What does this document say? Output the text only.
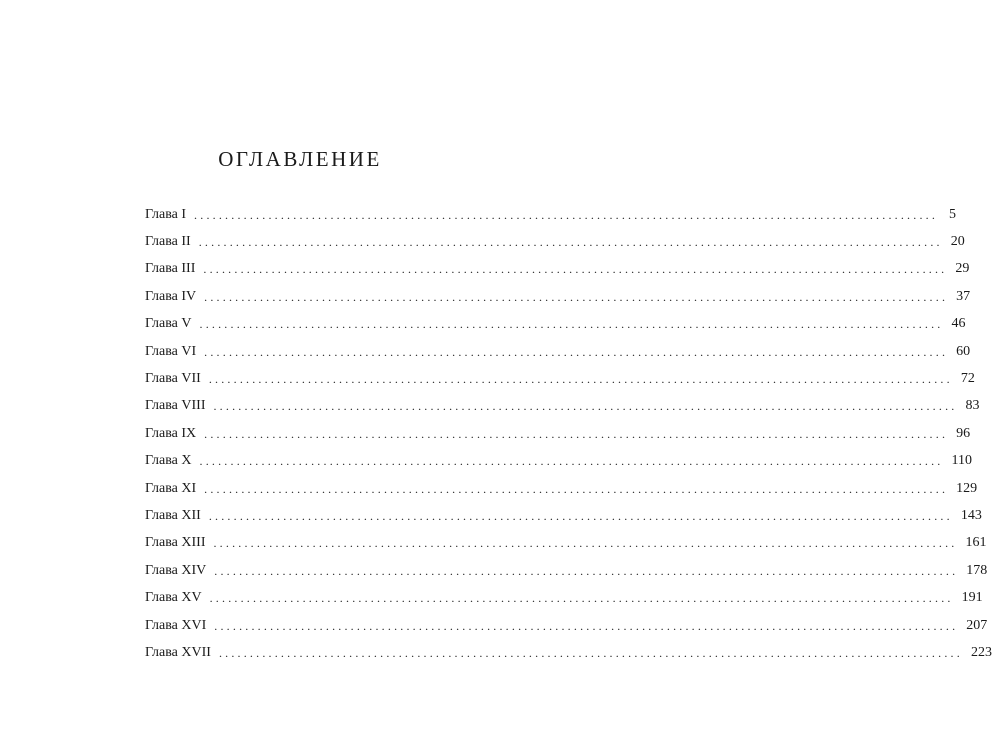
ОГЛАВЛЕНИЕ
Глава I ........................................................................................................................ 5
Глава II ........................................................................................................................ 20
Глава III ........................................................................................................................ 29
Глава IV ........................................................................................................................ 37
Глава V ........................................................................................................................ 46
Глава VI ........................................................................................................................ 60
Глава VII ........................................................................................................................ 72
Глава VIII ........................................................................................................................ 83
Глава IX ........................................................................................................................ 96
Глава X ........................................................................................................................ 110
Глава XI ........................................................................................................................ 129
Глава XII ........................................................................................................................ 143
Глава XIII ........................................................................................................................ 161
Глава XIV ........................................................................................................................ 178
Глава XV ........................................................................................................................ 191
Глава XVI ........................................................................................................................ 207
Глава XVII ........................................................................................................................ 223
